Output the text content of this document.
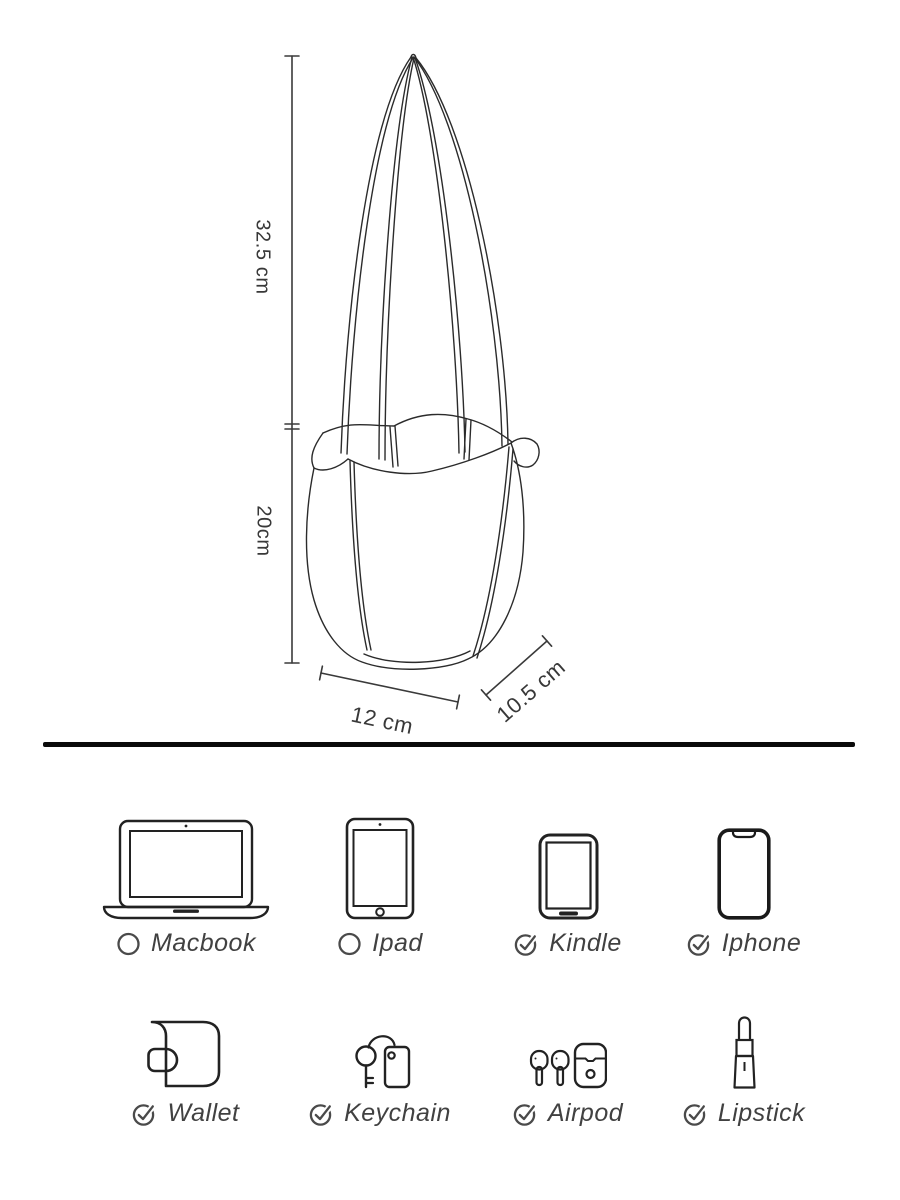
32.5 cm
20cm
12 cm	10.5 cm
Macbook	Ipad	Kindle	Iphone
Wallet	Keychain	Airpod	Lipstick
